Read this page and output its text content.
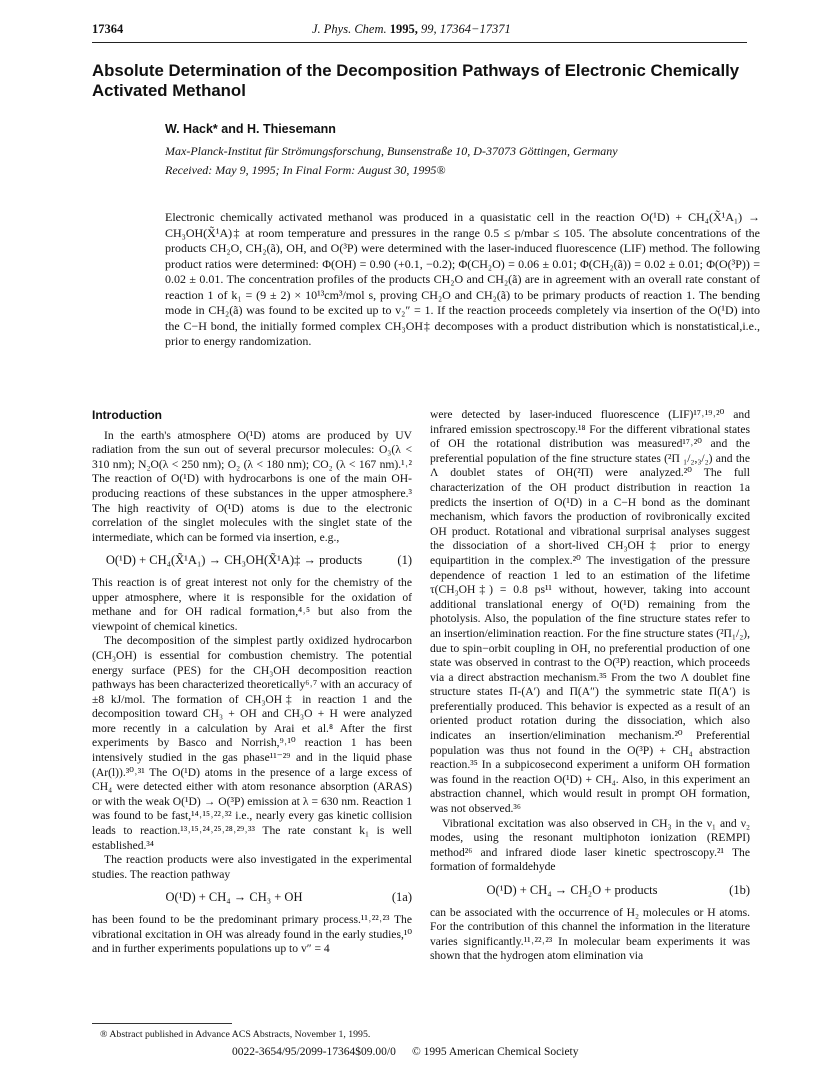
17364	J. Phys. Chem. 1995, 99, 17364−17371
Absolute Determination of the Decomposition Pathways of Electronic Chemically Activated Methanol
W. Hack* and H. Thiesemann
Max-Planck-Institut für Strömungsforschung, Bunsenstraße 10, D-37073 Göttingen, Germany
Received: May 9, 1995; In Final Form: August 30, 1995®
Electronic chemically activated methanol was produced in a quasistatic cell in the reaction O(¹D) + CH₄(X̃¹A₁) → CH₃OH(X̃¹A)‡ at room temperature and pressures in the range 0.5 ≤ p/mbar ≤ 105. The absolute concentrations of the products CH₂O, CH₂(ã), OH, and O(³P) were determined with the laser-induced fluorescence (LIF) method. The following product ratios were determined: Φ(OH) = 0.90 (+0.1, −0.2); Φ(CH₂O) = 0.06 ± 0.01; Φ(CH₂(ã)) = 0.02 ± 0.01; Φ(O(³P)) = 0.02 ± 0.01. The concentration profiles of the products CH₂O and CH₂(ã) are in agreement with an overall rate constant of reaction 1 of k₁ = (9 ± 2) × 10¹³cm³/mol s, proving CH₂O and CH₂(ã) to be primary products of reaction 1. The bending mode in CH₂(ã) was found to be excited up to v₂″ = 1. If the reaction proceeds completely via insertion of the O(¹D) into the C−H bond, the initially formed complex CH₃OH‡ decomposes with a product distribution which is nonstatistical,i.e., prior to energy randomization.
Introduction

In the earth's atmosphere O(¹D) atoms are produced by UV radiation from the sun out of several precursor molecules: O₃(λ < 310 nm); N₂O(λ < 250 nm); O₂ (λ < 180 nm); CO₂ (λ < 167 nm).¹˒² The reaction of O(¹D) with hydrocarbons is one of the main OH-producing reactions of these substances in the upper atmosphere.³ The high reactivity of O(¹D) atoms is due to the electronic correlation of the singlet molecules with the singlet state of the intermediate, which can be formed via insertion, e.g.,

O(¹D) + CH₄(X̃¹A₁) → CH₃OH(X̃¹A)‡ → products	(1)

This reaction is of great interest not only for the chemistry of the upper atmosphere, where it is responsible for the oxidation of methane and for OH radical formation,⁴˒⁵ but also from the viewpoint of chemical kinetics.

The decomposition of the simplest partly oxidized hydrocarbon (CH₃OH) is essential for combustion chemistry. The potential energy surface (PES) for the CH₃OH decomposition reaction pathways has been characterized theoretically⁶˒⁷ with an accuracy of ±8 kJ/mol. The formation of CH₃OH‡ in reaction 1 and the decomposition toward CH₃ + OH and CH₃O + H were analyzed more recently in a calculation by Arai et al.⁸ After the first experiments by Basco and Norrish,⁹˒¹⁰ reaction 1 has been intensively studied in the gas phase¹¹⁻²⁹ and in the liquid phase (Ar(l)).³⁰˒³¹ The O(¹D) atoms in the presence of a large excess of CH₄ were detected either with atom resonance absorption (ARAS) or with the weak O(¹D) → O(³P) emission at λ = 630 nm. Reaction 1 was found to be fast,¹⁴˒¹⁵˒²²˒³² i.e., nearly every gas kinetic collision leads to reaction.¹³˒¹⁵˒²⁴˒²⁵˒²⁸˒²⁹˒³³ The rate constant k₁ is well established.³⁴

The reaction products were also investigated in the experimental studies. The reaction pathway

O(¹D) + CH₄ → CH₃ + OH	(1a)

has been found to be the predominant primary process.¹¹˒²²˒²³ The vibrational excitation in OH was already found in the early studies,¹⁰ and in further experiments populations up to v″ = 4

were detected by laser-induced fluorescence (LIF)¹⁷˒¹⁹˒²⁰ and infrared emission spectroscopy.¹⁸ For the different vibrational states of OH the rotational distribution was measured¹⁷˒²⁰ and the preferential population of the fine structure states (²Π ₁/₂,₃/₂) and the Λ doublet states of OH(²Π) were analyzed.²⁰ The full characterization of the OH product distribution in reaction 1a predicts the insertion of O(¹D) in a C−H bond as the dominant mechanism, which favors the production of rovibronically excited OH product. Rotational and vibrational surprisal analyses suggest the dissociation of a short-lived CH₃OH‡ prior to energy equipartition in the complex.²⁰ The investigation of the pressure dependence of reaction 1 led to an estimation of the lifetime τ(CH₃OH‡) = 0.8 ps¹¹ without, however, taking into account additional translational energy of O(¹D) remaining from the photolysis. Also, the population of the fine structure states refer to an insertion/elimination reaction. For the fine structure states (²Π₁/₂), due to spin−orbit coupling in OH, no preferential production of one state was observed in contrast to the O(³P) reaction, which proceeds via a direct abstraction mechanism.³⁵ From the two Λ doublet fine structure states Π-(A′) and Π(A″) the symmetric state Π(A′) is preferentially produced. This behavior is expected as a result of an oriented product rotation during the dissociation, which also indicates an insertion/elimination mechanism.²⁰ Preferential population was thus not found in the O(³P) + CH₄ abstraction reaction.³⁵ In a subpicosecond experiment a uniform OH formation was found in the reaction O(¹D) + CH₄. Also, in this experiment an abstraction channel, which would result in prompt OH formation, was not observed.³⁶

Vibrational excitation was also observed in CH₃ in the ν₁ and ν₂ modes, using the resonant multiphoton ionization (REMPI) method²⁶ and infrared diode laser kinetic spectroscopy.²¹ The formation of formaldehyde

O(¹D) + CH₄ → CH₂O + products	(1b)

can be associated with the occurrence of H₂ molecules or H atoms. For the contribution of this channel the information in the literature varies significantly.¹¹˒²²˒²³ In molecular beam experiments it was shown that the hydrogen atom elimination via

® Abstract published in Advance ACS Abstracts, November 1, 1995.
0022-3654/95/2099-17364$09.00/0 © 1995 American Chemical Society
